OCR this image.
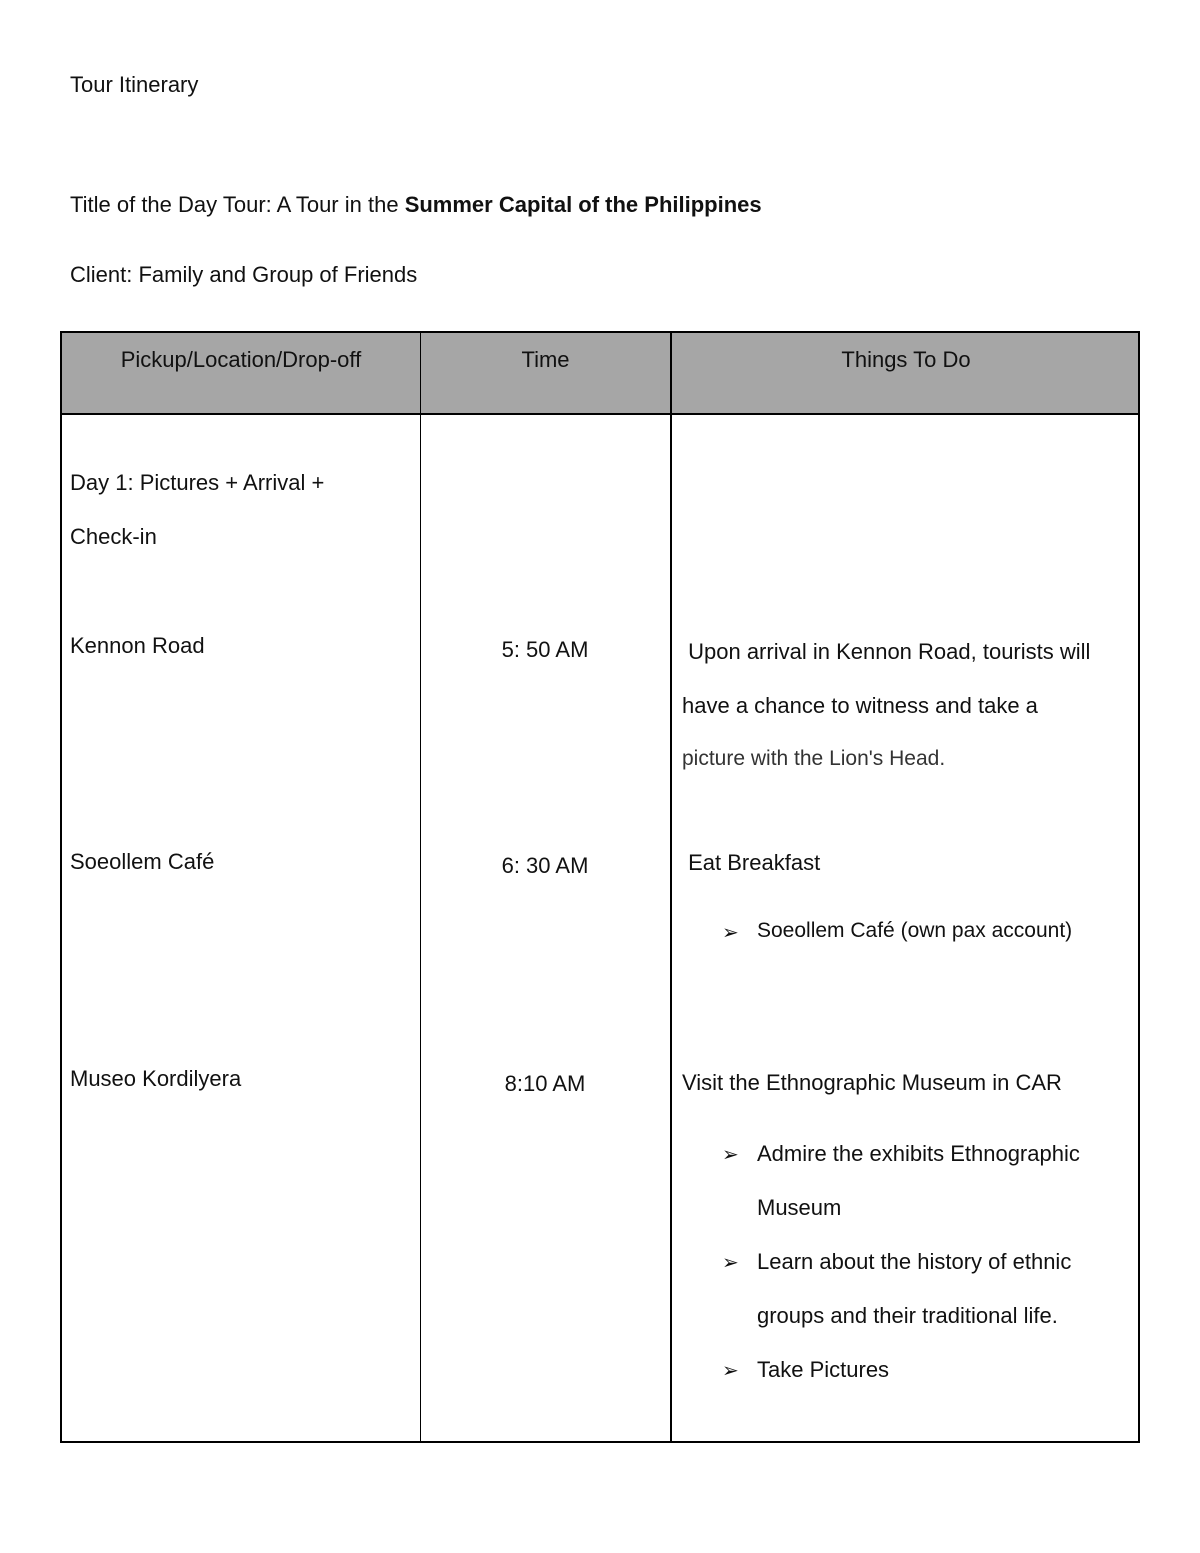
Tour Itinerary
Title of the Day Tour: A Tour in the Summer Capital of the Philippines
Client: Family and Group of Friends
Pickup/Location/Drop-off	Time	Things To Do
Day 1: Pictures + Arrival +
Check-in
Kennon Road	5: 50 AM	Upon arrival in Kennon Road, tourists will
have a chance to witness and take a
picture with the Lion's Head.
Soeollem Café	6: 30 AM	Eat Breakfast
➢ Soeollem Café (own pax account)
Museo Kordilyera	8:10 AM	Visit the Ethnographic Museum in CAR
➢ Admire the exhibits Ethnographic
Museum
➢ Learn about the history of ethnic
groups and their traditional life.
➢ Take Pictures
